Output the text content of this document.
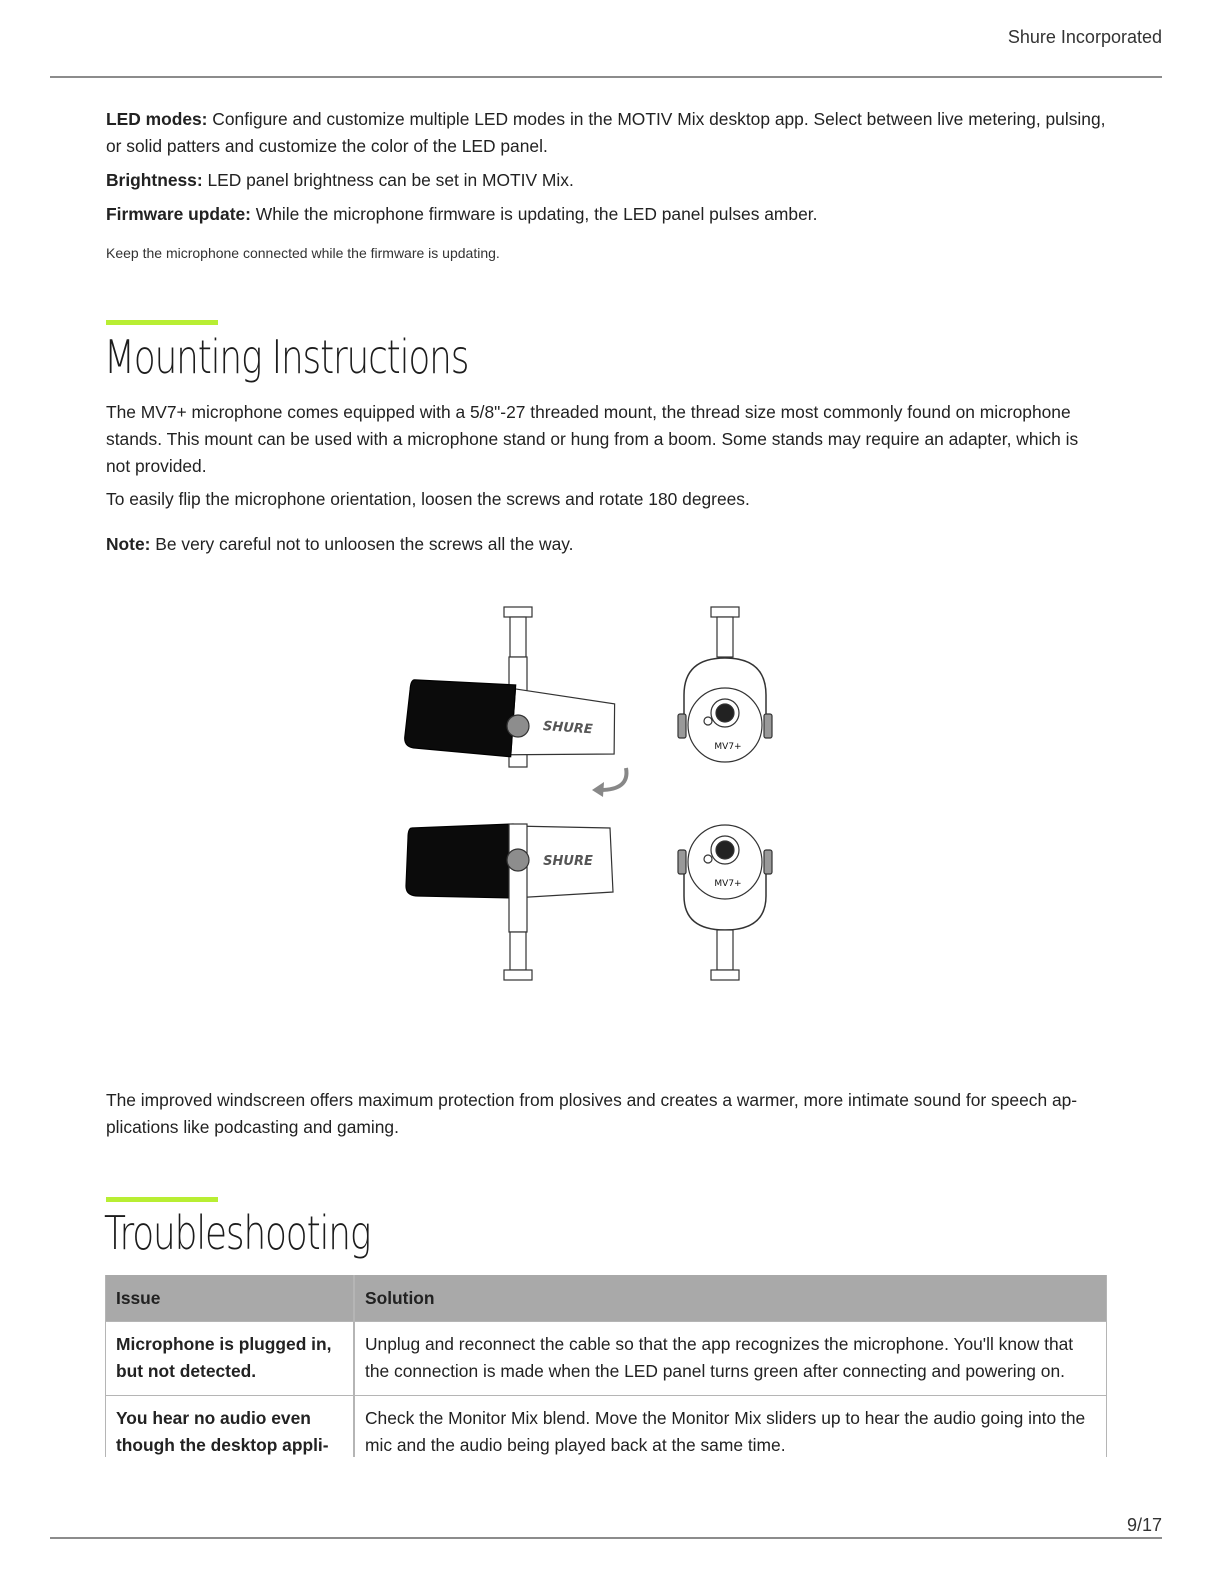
Shure Incorporated

LED modes: Configure and customize multiple LED modes in the MOTIV Mix desktop app. Select between live metering, pulsing, or solid patters and customize the color of the LED panel.

Brightness: LED panel brightness can be set in MOTIV Mix.

Firmware update: While the microphone firmware is updating, the LED panel pulses amber.

Keep the microphone connected while the firmware is updating.
Mounting Instructions

The MV7+ microphone comes equipped with a 5/8"-27 threaded mount, the thread size most commonly found on microphone stands. This mount can be used with a microphone stand or hung from a boom. Some stands may require an adapter, which is not provided.

To easily flip the microphone orientation, loosen the screws and rotate 180 degrees.

Note: Be very careful not to unloosen the screws all the way.

The improved windscreen offers maximum protection from plosives and creates a warmer, more intimate sound for speech applications like podcasting and gaming.

Troubleshooting
SHURE
MV7+
SHURE
MV7+
Issue	Solution
Microphone is plugged in, but not detected.
Unplug and reconnect the cable so that the app recognizes the microphone. You'll know that the connection is made when the LED panel turns green after connecting and powering on.
You hear no audio even though the desktop appli-
Check the Monitor Mix blend. Move the Monitor Mix sliders up to hear the audio going into the mic and the audio being played back at the same time.
9/17
